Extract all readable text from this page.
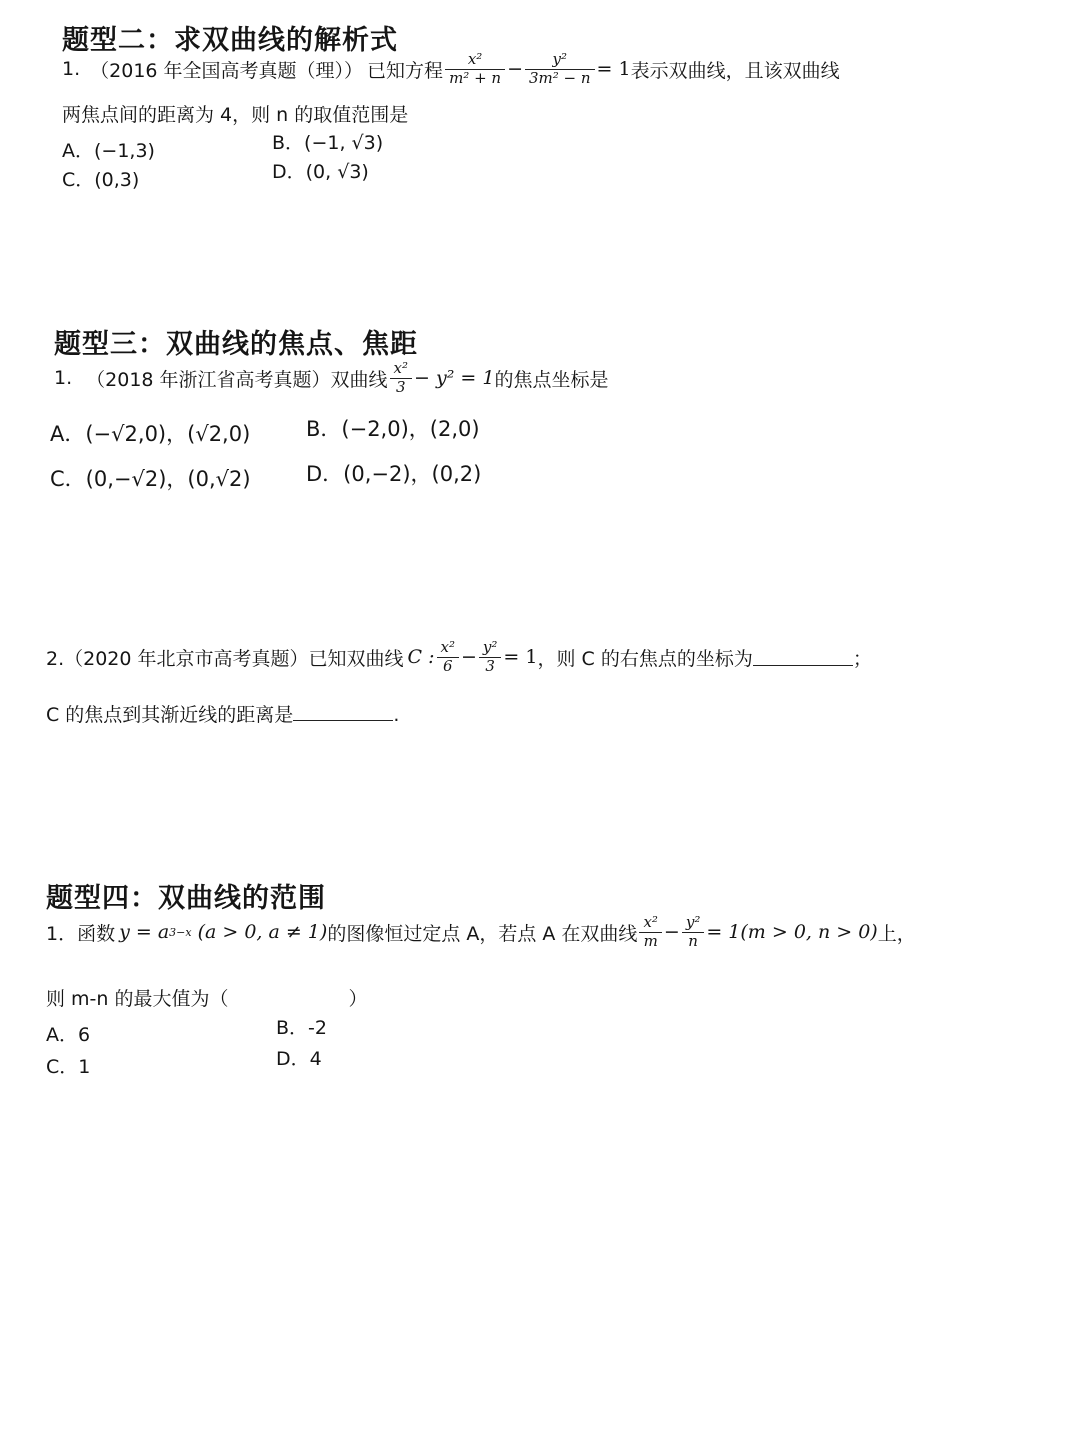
题型二：求双曲线的解析式
1. （2016 年全国高考真题（理）） 已知方程 $\frac{\text{x²}}{\text{m² + n}} - \frac{\text{y²}}{\text{3m² − n}} = 1$ 表示双曲线，且该双曲线
两焦点间的距离为 4，则 n 的取值范围是
A．(−1,3)	B．(−1, √3)
C．(0,3)	D．(0, √3)
题型三：双曲线的焦点、焦距
1. （2018 年浙江省高考真题）双曲线 $\frac{\text{x²}}{3} - y^2 = 1$ 的焦点坐标是
A．(−√2,0)，(√2,0)	B．(−2,0)，(2,0)
C．(0,−√2)，(0,√2)	D．(0,−2)，(0,2)
2.（2020 年北京市高考真题）已知双曲线 C : $\frac{\text{x²}}{6} - \frac{\text{y²}}{3} = 1$ ，则 C 的右焦点的坐标为	；
C 的焦点到其渐近线的距离是	.
题型四：双曲线的范围
1．函数 y = a 3−x (a > 0, a ≠ 1) 的图像恒过定点 A，若点 A 在双曲线 $\frac{\text{x²}}{m} - \frac{\text{y²}}{n} = 1(m > 0$, n > 0) 上，
则 m-n 的最大值为（	）
A．6	B．-2
C．1	D．4
